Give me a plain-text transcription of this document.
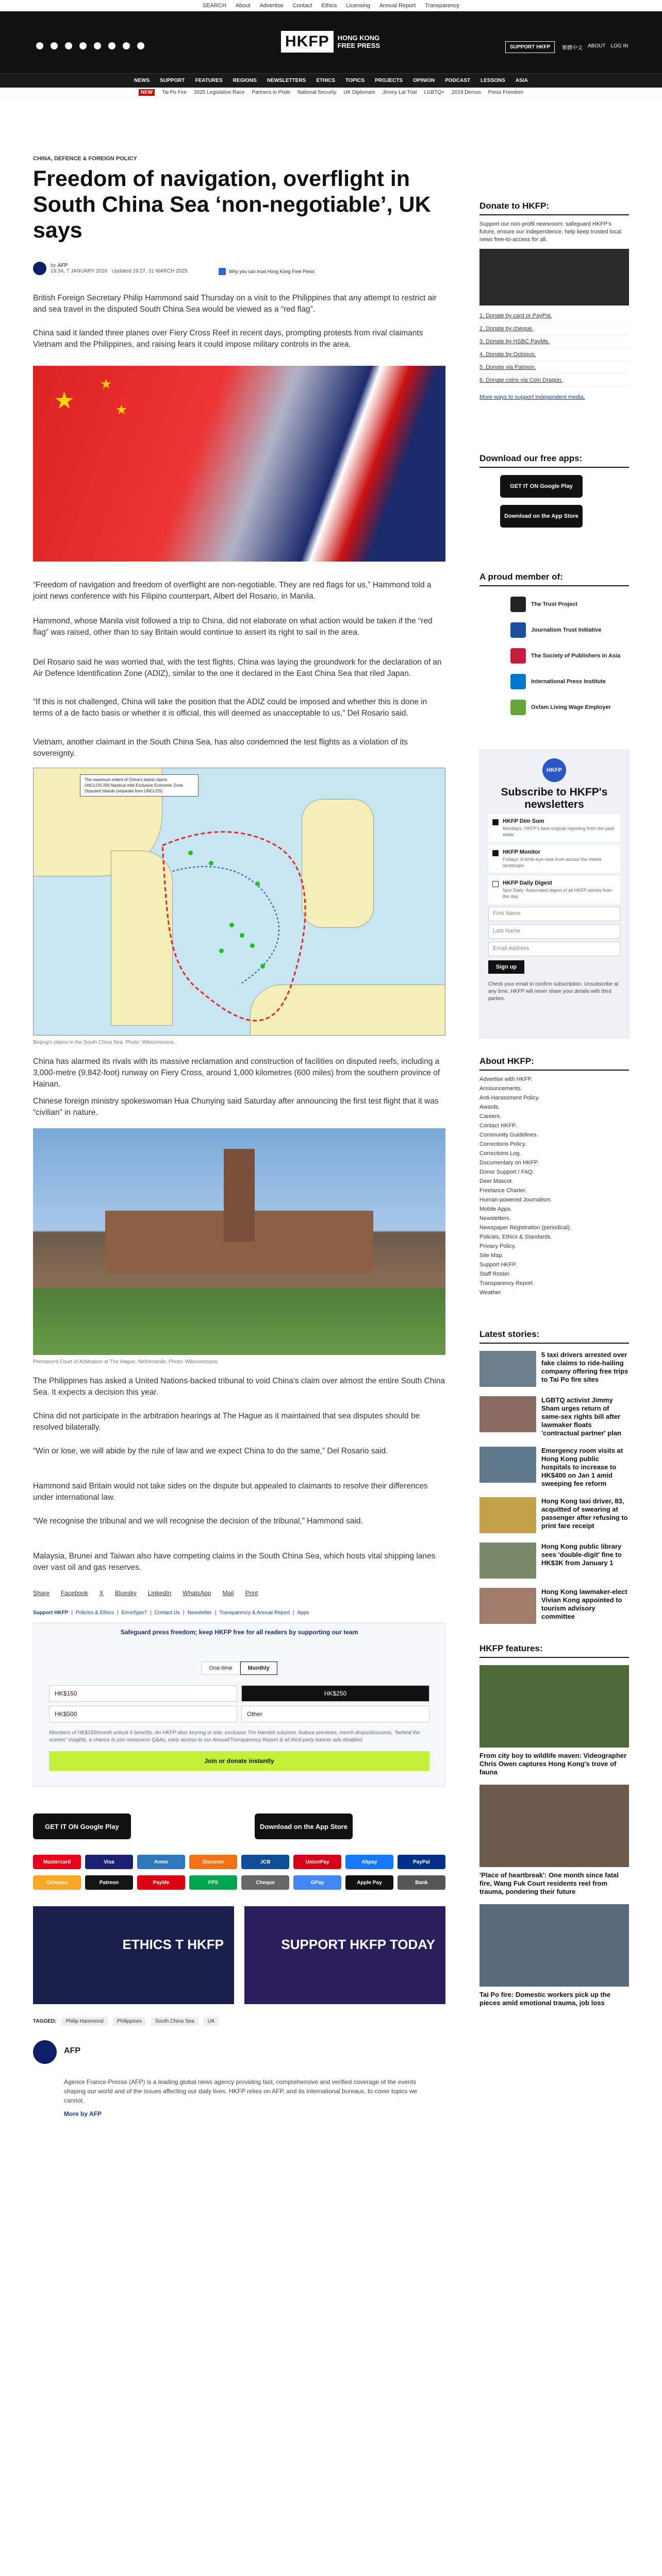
SEARCH About Advertise Contact Ethics Licensing Annual Report Transparency
HKFP	HONG KONG
FREE PRESS	SUPPORT HKFP	繁體中文 ABOUT LOG IN
NEWS SUPPORT FEATURES REGIONS NEWSLETTERS ETHICS TOPICS PROJECTS OPINION PODCAST LESSONS ASIA
NEW	Tai Po Fire 2025 Legislative Race Partners in Pride National Security UK Diplomats Jimmy Lai Trial LGBTQ+ 2019 Demos Press Freedom
CHINA, DEFENCE & FOREIGN POLICY
Freedom of navigation, overflight in South China Sea ‘non-negotiable’, UK says
by AFP
19:34, 7 JANUARY 2016 Updated 19:27, 31 MARCH 2025	Why you can trust Hong Kong Free Press

British Foreign Secretary Philip Hammond said Thursday on a visit to the Philippines that any attempt to restrict air and sea travel in the disputed South China Sea would be viewed as a “red flag”.

China said it landed three planes over Fiery Cross Reef in recent days, prompting protests from rival claimants Vietnam and the Philippines, and raising fears it could impose military controls in the area.

★
★
★

“Freedom of navigation and freedom of overflight are non-negotiable. They are red flags for us,” Hammond told a joint news conference with his Filipino counterpart, Albert del Rosario, in Manila.

Hammond, whose Manila visit followed a trip to China, did not elaborate on what action would be taken if the “red flag” was raised, other than to say Britain would continue to assert its right to sail in the area.

Del Rosario said he was worried that, with the test flights, China was laying the groundwork for the declaration of an Air Defence Identification Zone (ADIZ), similar to the one it declared in the East China Sea that riled Japan.

“If this is not challenged, China will take the position that the ADIZ could be imposed and whether this is done in terms of a de facto basis or whether it is official, this will deemed as unacceptable to us,” Del Rosario said.

Vietnam, another claimant in the South China Sea, has also condemned the test flights as a violation of its sovereignty.

The maximum extent of China's island claims
UNCLOS 200 Nautical mile Exclusive Economic Zone
Disputed Islands (separate from UNCLOS)
Beijing's claims in the South China Sea. Photo: Wikicommons.

China has alarmed its rivals with its massive reclamation and construction of facilities on disputed reefs, including a 3,000-metre (9,842-foot) runway on Fiery Cross, around 1,000 kilometres (600 miles) from the southern province of Hainan.

Chinese foreign ministry spokeswoman Hua Chunying said Saturday after announcing the first test flight that it was “civilian” in nature.

Permanent Court of Arbitration at The Hague, Netherlands. Photo: Wikicommons.

The Philippines has asked a United Nations-backed tribunal to void China's claim over almost the entire South China Sea. It expects a decision this year.

China did not participate in the arbitration hearings at The Hague as it maintained that sea disputes should be resolved bilaterally.

“Win or lose, we will abide by the rule of law and we expect China to do the same,” Del Rosario said.

Hammond said Britain would not take sides on the dispute but appealed to claimants to resolve their differences under international law.

“We recognise the tribunal and we will recognise the decision of the tribunal,” Hammond said.

Malaysia, Brunei and Taiwan also have competing claims in the South China Sea, which hosts vital shipping lanes over vast oil and gas reserves.

Share Facebook X Bluesky LinkedIn WhatsApp Mail Print
Support HKFP | Policies & Ethics | Error/typo? | Contact Us | Newsletter | Transparency & Annual Report | Apps
Safeguard press freedom; keep HKFP free for all readers by supporting our team
One-time	Monthly
HK$150	HK$250
HK$500	Other
Members of HK$150/month unlock 6 benefits: An HKFP deer keyring or tote, exclusive Tim Hamlett columns, feature previews, merch drops/discounts, "behind the scenes" insights, a chance to join newsroom Q&As, early access to our Annual/Transparency Report & all third-party banner ads disabled.
Join or donate instantly
GET IT ON Google Play	Download on the App Store
Mastercard	Visa	Amex	Discover	JCB	UnionPay	Alipay	PayPal
Octopus	Patreon	PayMe	FPS	Cheque	GPay	Apple Pay	Bank
ETHICS T HKFP	SUPPORT HKFP TODAY
TAGGED:	Philip Hammond	Philippines	South China Sea	UK
AFP
Agence France-Presse (AFP) is a leading global news agency providing fast, comprehensive and verified coverage of the events shaping our world and of the issues affecting our daily lives. HKFP relies on AFP, and its international bureaus, to cover topics we cannot.
More by AFP
Donate to HKFP:
Support our non-profit newsroom: safeguard HKFP's future, ensure our independence, help keep trusted local news free-to-access for all.
1. Donate by card or PayPal.
2. Donate by cheque.
3. Donate by HSBC PayMe.
4. Donate by Octopus.
5. Donate via Patreon.
6. Donate coins via Coin Dragon.
More ways to support independent media.
Download our free apps:
GET IT ON Google Play
Download on the App Store
A proud member of:
The Trust Project
Journalism Trust Initiative
The Society of Publishers in Asia
International Press Institute
Oxfam Living Wage Employer
HKFP
Subscribe to HKFP's newsletters
HKFP Dim Sum
Mondays: HKFP's best original reporting from the past week.
HKFP Monitor
Fridays: A birds-eye view from across the media landscape.
HKFP Daily Digest
5pm Daily: Automated digest of all HKFP stories from the day.
First Name
Last Name
Email Address
Sign up
Check your email to confirm subscription. Unsubscribe at any time. HKFP will never share your details with third parties.
About HKFP:
Advertise with HKFP.
Announcements.
Anti-Harassment Policy.
Awards.
Careers.
Contact HKFP.
Community Guidelines.
Corrections Policy.
Corrections Log.
Documentary on HKFP.
Donor Support / FAQ.
Deer Mascot.
Freelance Charter.
Human-powered Journalism.
Mobile Apps.
Newsletters.
Newspaper Registration (periodical).
Policies, Ethics & Standards.
Privacy Policy.
Site Map.
Support HKFP.
Staff Roster.
Transparency Report.
Weather.
Latest stories:
5 taxi drivers arrested over fake claims to ride-hailing company offering free trips to Tai Po fire sites
LGBTQ activist Jimmy Sham urges return of same-sex rights bill after lawmaker floats 'contractual partner' plan
Emergency room visits at Hong Kong public hospitals to increase to HK$400 on Jan 1 amid sweeping fee reform
Hong Kong taxi driver, 83, acquitted of swearing at passenger after refusing to print fare receipt
Hong Kong public library sees 'double-digit' fine to HK$3K from January 1
Hong Kong lawmaker-elect Vivian Kong appointed to tourism advisory committee
HKFP features:
From city boy to wildlife maven: Videographer Chris Owen captures Hong Kong's trove of fauna
'Place of heartbreak': One month since fatal fire, Wang Fuk Court residents reel from trauma, pondering their future
Tai Po fire: Domestic workers pick up the pieces amid emotional trauma, job loss
